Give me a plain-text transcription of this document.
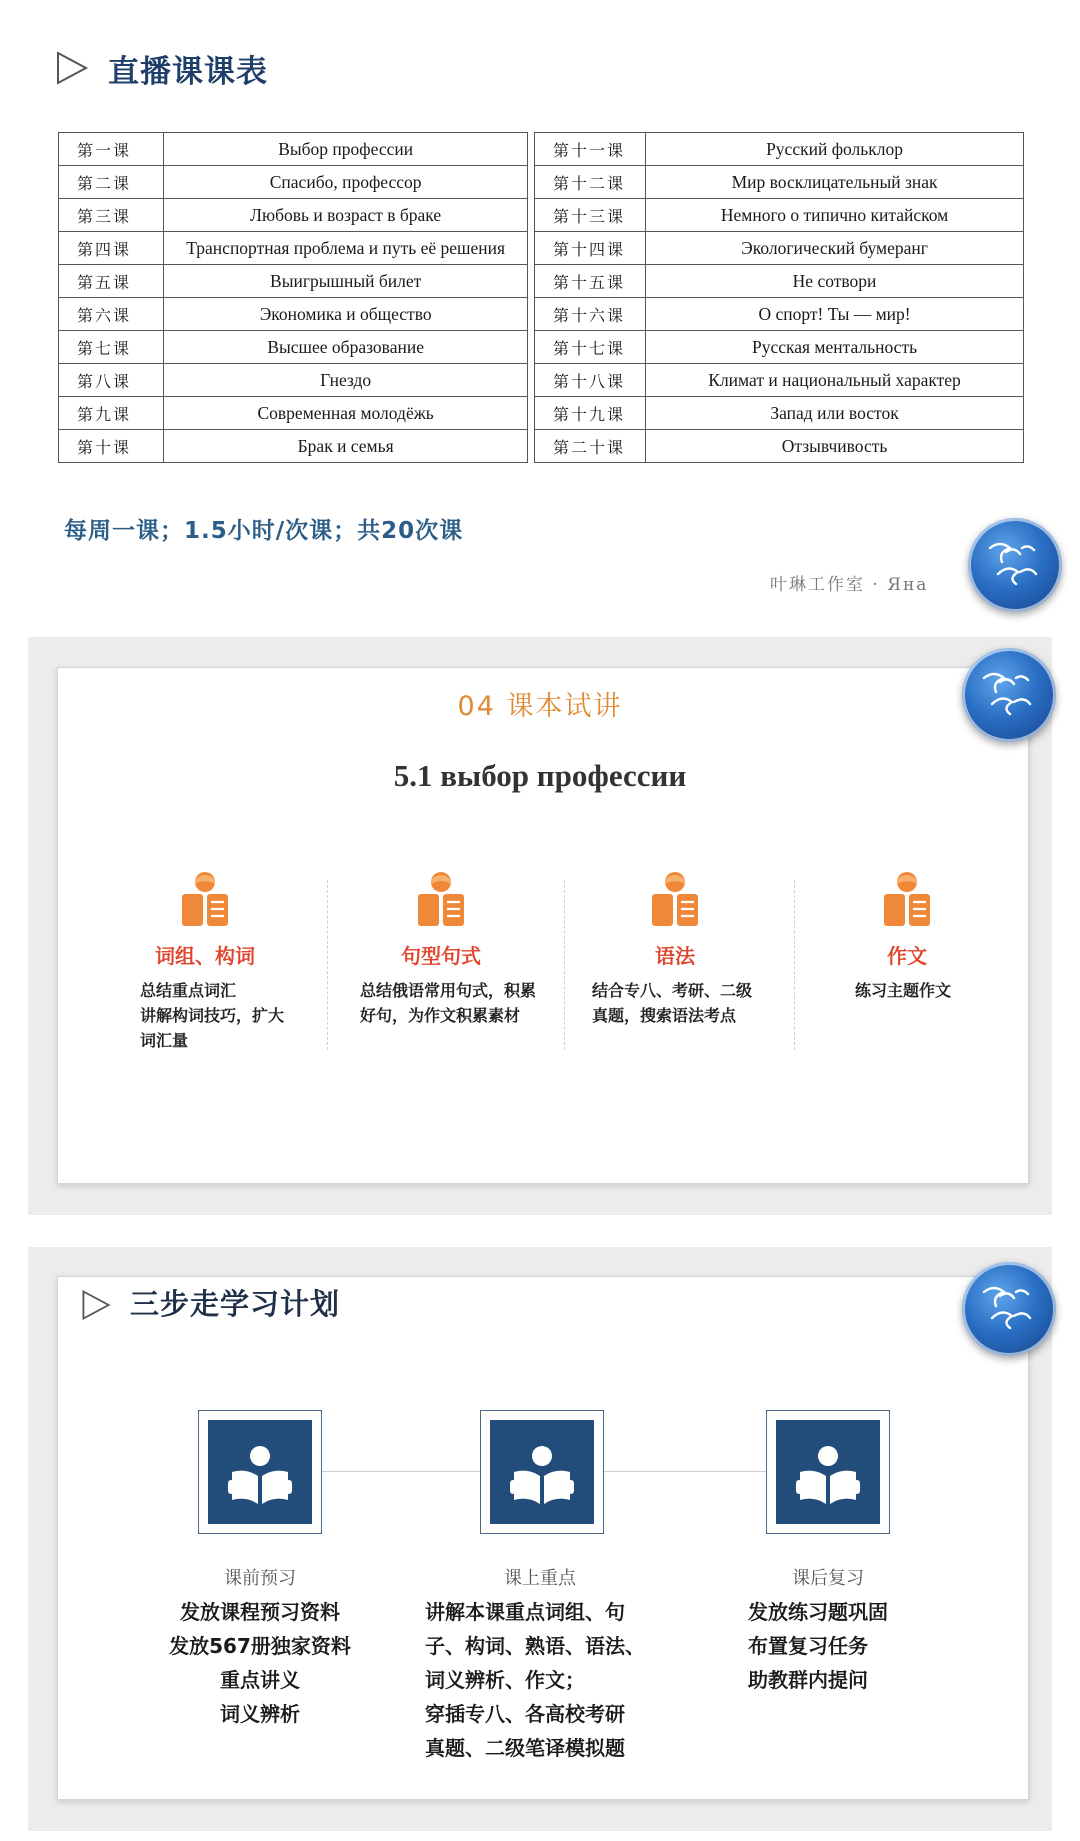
直播课课表
第一课	Выбор профессии
第二课	Спасибо, профессор
第三课	Любовь и возраст в браке
第四课	Транспортная проблема и путь её решения
第五课	Выигрышный билет
第六课	Экономика и общество
第七课	Высшее образование
第八课	Гнездо
第九课	Современная молодёжь
第十课	Брак и семья
第十一课	Русский фольклор
第十二课	Мир восклицательный знак
第十三课	Немного о типично китайском
第十四课	Экологический бумеранг
第十五课	Не сотвори
第十六课	О спорт! Ты — мир!
第十七课	Русская ментальность
第十八课	Климат и национальный характер
第十九课	Запад или восток
第二十课	Отзывчивость
每周一课；1.5小时/次课；共20次课
叶琳工作室 · Яна
04 课本试讲
5.1 выбор профессии
词组、构词
总结重点词汇
讲解构词技巧，扩大
词汇量
句型句式
总结俄语常用句式，积累
好句，为作文积累素材
语法
结合专八、考研、二级
真题，搜索语法考点
作文
练习主题作文
三步走学习计划
课前预习
发放课程预习资料
发放567册独家资料
重点讲义
词义辨析
课上重点
讲解本课重点词组、句
子、构词、熟语、语法、
词义辨析、作文；
穿插专八、各高校考研
真题、二级笔译模拟题
课后复习
发放练习题巩固
布置复习任务
助教群内提问
